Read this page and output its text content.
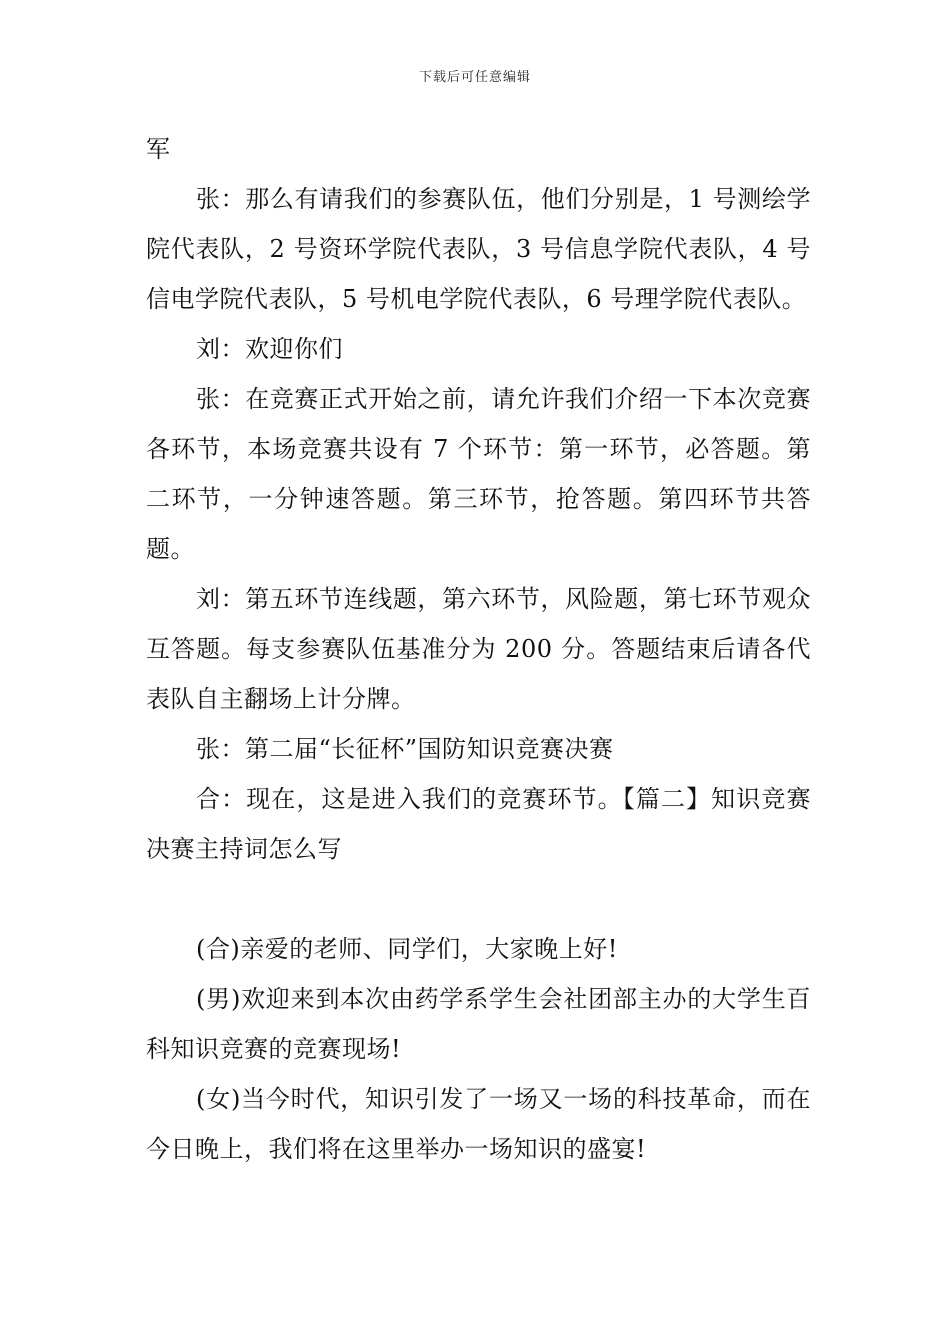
下载后可任意编辑

军

张：那么有请我们的参赛队伍，他们分别是，1 号测绘学院代表队，2 号资环学院代表队，3 号信息学院代表队，4 号信电学院代表队，5 号机电学院代表队，6 号理学院代表队。

刘：欢迎你们

张：在竞赛正式开始之前，请允许我们介绍一下本次竞赛各环节，本场竞赛共设有 7 个环节：第一环节，必答题。第二环节，一分钟速答题。第三环节，抢答题。第四环节共答题。

刘：第五环节连线题，第六环节，风险题，第七环节观众互答题。每支参赛队伍基准分为 200 分。答题结束后请各代表队自主翻场上计分牌。

张：第二届“长征杯”国防知识竞赛决赛

合：现在，这是进入我们的竞赛环节。【篇二】知识竞赛决赛主持词怎么写

(合)亲爱的老师、同学们，大家晚上好!

(男)欢迎来到本次由药学系学生会社团部主办的大学生百科知识竞赛的竞赛现场!

(女)当今时代，知识引发了一场又一场的科技革命，而在今日晚上，我们将在这里举办一场知识的盛宴!
